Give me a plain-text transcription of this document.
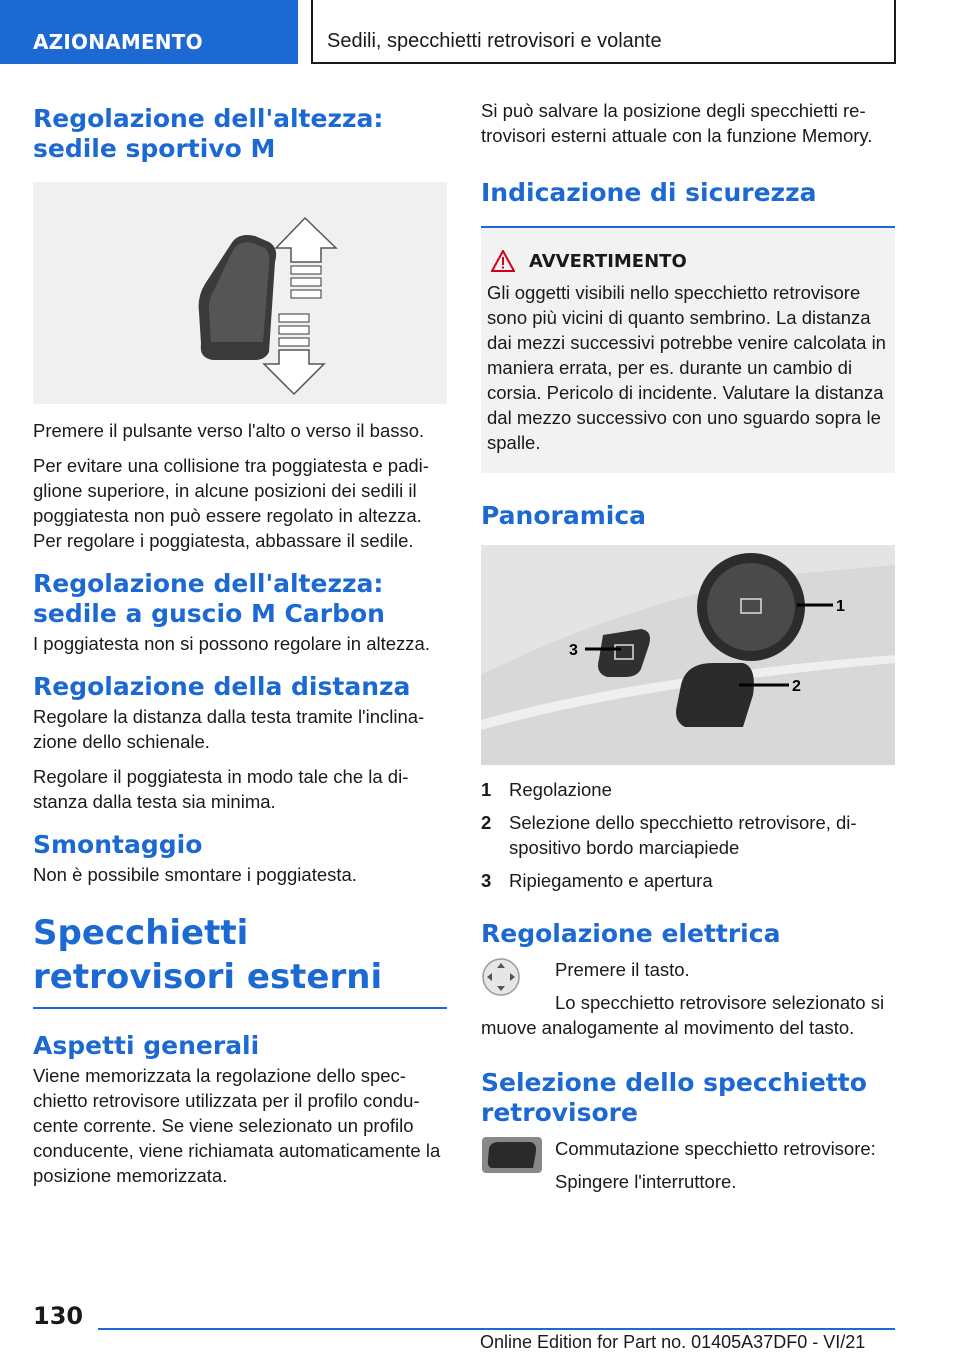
AZIONAMENTO	Sedili, specchietti retrovisori e volante
Regolazione dell'altezza: sedile sportivo M

Premere il pulsante verso l'alto o verso il basso.

Per evitare una collisione tra poggiatesta e padiglione superiore, in alcune posizioni dei sedili il poggiatesta non può essere regolato in altezza. Per regolare i poggiatesta, abbassare il sedile.

Regolazione dell'altezza: sedile a guscio M Carbon

I poggiatesta non si possono regolare in altezza.

Regolazione della distanza

Regolare la distanza dalla testa tramite l'inclinazione dello schienale.

Regolare il poggiatesta in modo tale che la distanza dalla testa sia minima.

Smontaggio

Non è possibile smontare i poggiatesta.

Specchietti retrovisori esterni
Aspetti generali

Viene memorizzata la regolazione dello specchietto retrovisore utilizzata per il profilo conducente corrente. Se viene selezionato un profilo conducente, viene richiamata automaticamente la posizione memorizzata.

Si può salvare la posizione degli specchietti retrovisori esterni attuale con la funzione Memory.

Indicazione di sicurezza
AVVERTIMENTO

Gli oggetti visibili nello specchietto retrovisore sono più vicini di quanto sembrino. La distanza dai mezzi successivi potrebbe venire calcolata in maniera errata, per es. durante un cambio di corsia. Pericolo di incidente. Valutare la distanza dal mezzo successivo con uno sguardo sopra le spalle.

Panoramica
1
2
3
1 Regolazione
2 Selezione dello specchietto retrovisore, dispositivo bordo marciapiede
3 Ripiegamento e apertura
Regolazione elettrica

Premere il tasto.

Lo specchietto retrovisore selezionato si muove analogamente al movimento del tasto.

Selezione dello specchietto retrovisore

Commutazione specchietto retrovisore:

Spingere l'interruttore.

130
Online Edition for Part no. 01405A37DF0 - VI/21
